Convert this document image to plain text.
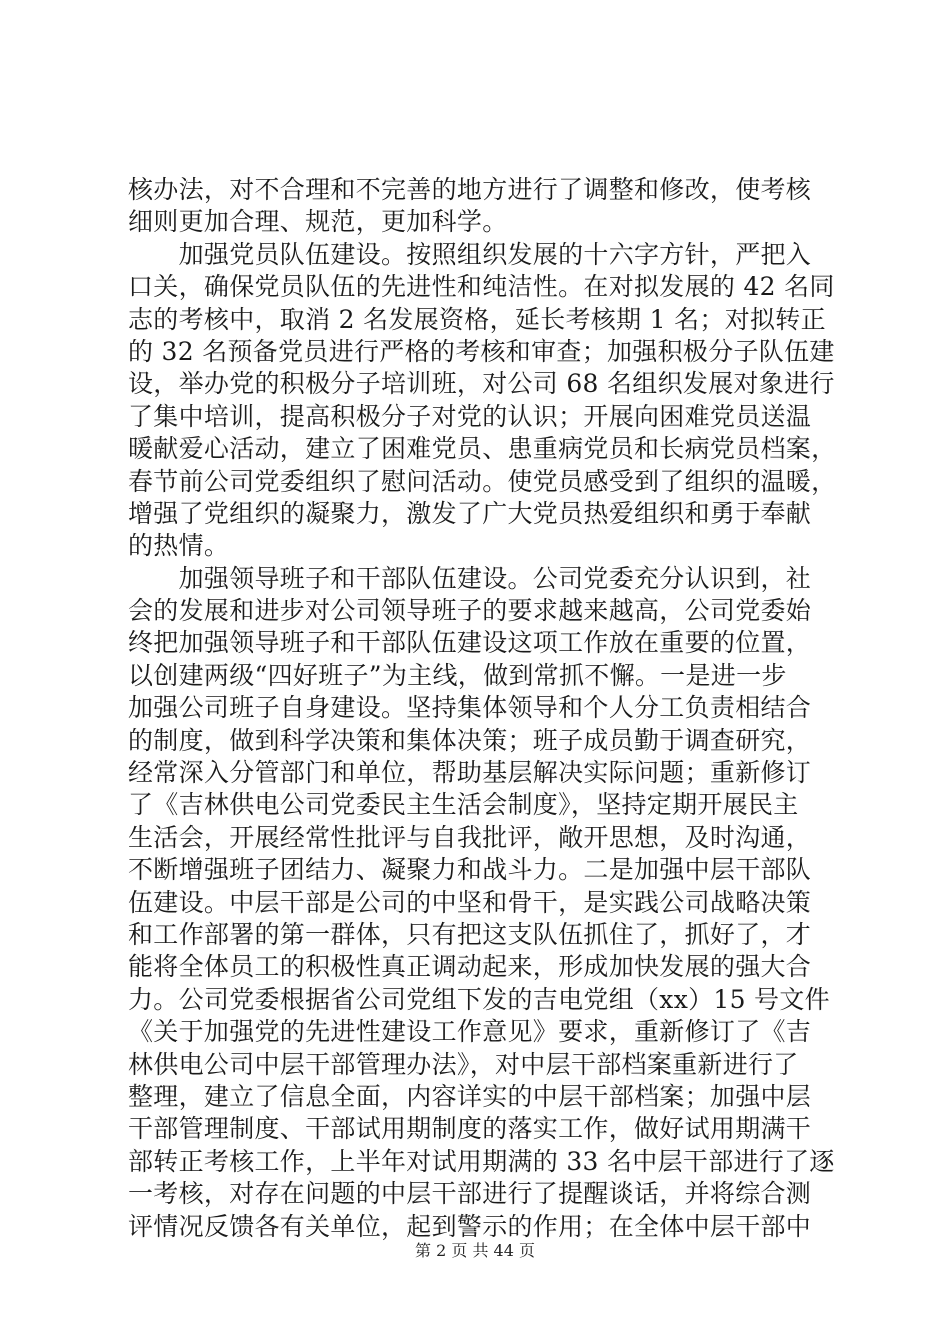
核办法，对不合理和不完善的地方进行了调整和修改，使考核
细则更加合理、规范，更加科学。
　　加强党员队伍建设。按照组织发展的十六字方针，严把入
口关，确保党员队伍的先进性和纯洁性。在对拟发展的 42 名同
志的考核中，取消 2 名发展资格，延长考核期 1 名；对拟转正
的 32 名预备党员进行严格的考核和审查；加强积极分子队伍建
设，举办党的积极分子培训班，对公司 68 名组织发展对象进行
了集中培训，提高积极分子对党的认识；开展向困难党员送温
暖献爱心活动，建立了困难党员、患重病党员和长病党员档案，
春节前公司党委组织了慰问活动。使党员感受到了组织的温暖，
增强了党组织的凝聚力，激发了广大党员热爱组织和勇于奉献
的热情。
　　加强领导班子和干部队伍建设。公司党委充分认识到，社
会的发展和进步对公司领导班子的要求越来越高，公司党委始
终把加强领导班子和干部队伍建设这项工作放在重要的位置，
以创建两级“四好班子”为主线，做到常抓不懈。一是进一步
加强公司班子自身建设。坚持集体领导和个人分工负责相结合
的制度，做到科学决策和集体决策；班子成员勤于调查研究，
经常深入分管部门和单位，帮助基层解决实际问题；重新修订
了《吉林供电公司党委民主生活会制度》，坚持定期开展民主
生活会，开展经常性批评与自我批评，敞开思想，及时沟通，
不断增强班子团结力、凝聚力和战斗力。二是加强中层干部队
伍建设。中层干部是公司的中坚和骨干，是实践公司战略决策
和工作部署的第一群体，只有把这支队伍抓住了，抓好了，才
能将全体员工的积极性真正调动起来，形成加快发展的强大合
力。公司党委根据省公司党组下发的吉电党组（xx）15 号文件
《关于加强党的先进性建设工作意见》要求，重新修订了《吉
林供电公司中层干部管理办法》，对中层干部档案重新进行了
整理，建立了信息全面，内容详实的中层干部档案；加强中层
干部管理制度、干部试用期制度的落实工作，做好试用期满干
部转正考核工作，上半年对试用期满的 33 名中层干部进行了逐
一考核，对存在问题的中层干部进行了提醒谈话，并将综合测
评情况反馈各有关单位，起到警示的作用；在全体中层干部中
第 2 页 共 44 页
